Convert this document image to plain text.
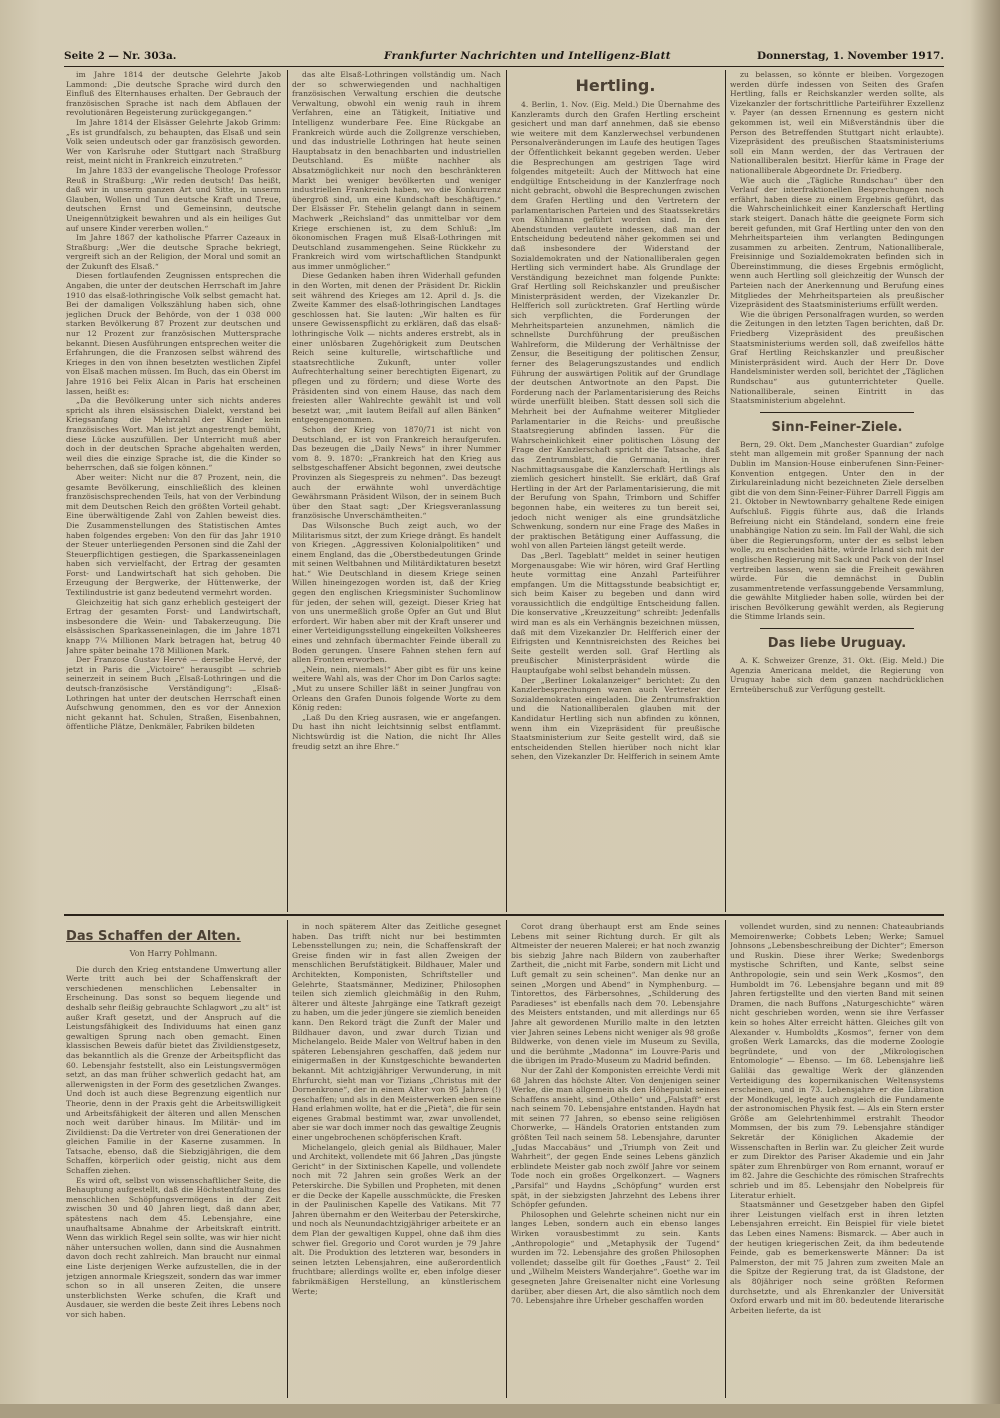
Seite 2 — Nr. 303a.	Frankfurter Nachrichten und Intelligenz-Blatt	Donnerstag, 1. November 1917.

im Jahre 1814 der deutsche Gelehrte Jakob Lammond: „Die deutsche Sprache wird durch den Einfluß des Elternhauses erhalten. Der Gebrauch der französischen Sprache ist nach dem Abflauen der revolutionären Begeisterung zurückgegangen.“

Im Jahre 1814 der Elsässer Gelehrte Jakob Grimm: „Es ist grundfalsch, zu behaupten, das Elsaß und sein Volk seien undeutsch oder gar französisch geworden. Wer von Karlsruhe oder Stuttgart nach Straßburg reist, meint nicht in Frankreich einzutreten.“

Im Jahre 1833 der evangelische Theologe Professor Reuß in Straßburg: „Wir reden deutsch! Das heißt, daß wir in unserm ganzen Art und Sitte, in unserm Glauben, Wollen und Tun deutsche Kraft und Treue, deutschen Ernst und Gemeinsinn, deutsche Uneigennützigkeit bewahren und als ein heiliges Gut auf unsere Kinder vererben wollen.“

Im Jahre 1867 der katholische Pfarrer Cazeaux in Straßburg: „Wer die deutsche Sprache bekriegt, vergreift sich an der Religion, der Moral und somit an der Zukunft des Elsaß.“

Diesen fortlaufenden Zeugnissen entsprechen die Angaben, die unter der deutschen Herrschaft im Jahre 1910 das elsaß-lothringische Volk selbst gemacht hat. Bei der damaligen Volkszählung haben sich, ohne jeglichen Druck der Behörde, von der 1 038 000 starken Bevölkerung 87 Prozent zur deutschen und nur 12 Prozent zur französischen Muttersprache bekannt. Diesen Ausführungen entsprechen weiter die Erfahrungen, die die Franzosen selbst während des Krieges in den von ihnen besetzten westlichen Zipfel von Elsaß machen müssen. Im Buch, das ein Oberst im Jahre 1916 bei Felix Alcan in Paris hat erscheinen lassen, heißt es:

„Da die Bevölkerung unter sich nichts anderes spricht als ihren elsässischen Dialekt, verstand bei Kriegsanfang die Mehrzahl der Kinder kein französisches Wort. Man ist jetzt angestrengt bemüht, diese Lücke auszufüllen. Der Unterricht muß aber doch in der deutschen Sprache abgehalten werden, weil dies die einzige Sprache ist, die die Kinder so beherrschen, daß sie folgen können.“

Aber weiter: Nicht nur die 87 Prozent, nein, die gesamte Bevölkerung, einschließlich des kleinen französischsprechenden Teils, hat von der Verbindung mit dem Deutschen Reich den größten Vorteil gehabt. Eine überwältigende Zahl von Zahlen beweist dies. Die Zusammenstellungen des Statistischen Amtes haben folgendes ergeben: Von den für das Jahr 1910 der Steuer unterliegenden Personen sind die Zahl der Steuerpflichtigen gestiegen, die Sparkasseneinlagen haben sich vervielfacht, der Ertrag der gesamten Forst- und Landwirtschaft hat sich gehoben. Die Erzeugung der Bergwerke, der Hüttenwerke, der Textilindustrie ist ganz bedeutend vermehrt worden.

Gleichzeitig hat sich ganz erheblich gesteigert der Ertrag der gesamten Forst- und Landwirtschaft, insbesondere die Wein- und Tabakerzeugung. Die elsässischen Sparkasseneinlagen, die im Jahre 1871 knapp 7¼ Millionen Mark betragen hat, betrug 40 Jahre später beinahe 178 Millionen Mark.

Der Franzose Gustav Hervé — derselbe Hervé, der jetzt in Paris die „Victoire“ herausgibt — schrieb seinerzeit in seinem Buch „Elsaß-Lothringen und die deutsch-französische Verständigung“: „Elsaß-Lothringen hat unter der deutschen Herrschaft einen Aufschwung genommen, den es vor der Annexion nicht gekannt hat. Schulen, Straßen, Eisenbahnen, öffentliche Plätze, Denkmäler, Fabriken bildeten

das alte Elsaß-Lothringen vollständig um. Nach der so schwerwiegenden und nachhaltigen französischen Verwaltung erschien die deutsche Verwaltung, obwohl ein wenig rauh in ihrem Verfahren, eine an Tätigkeit, Initiative und Intelligenz wunderbare Fee. Eine Rückgabe an Frankreich würde auch die Zollgrenze verschieben, und das industrielle Lothringen hat heute seinen Hauptabsatz in den benachbarten und industriellen Deutschland. Es müßte nachher als Absatzmöglichkeit nur noch den beschränkteren Markt bei weniger bevölkerten und weniger industriellen Frankreich haben, wo die Konkurrenz übergroß sind, um eine Kundschaft beschäftigen.“ Der Elsässer Fr. Stehelin gelangt dann in seinem Machwerk „Reichsland“ das unmittelbar vor dem Kriege erschienen ist, zu dem Schluß: „Im ökonomischen Fragen muß Elsaß-Lothringen mit Deutschland zusammengehen. Seine Rückkehr zu Frankreich wird vom wirtschaftlichen Standpunkt aus immer unmöglicher.“

Diese Gedanken haben ihren Widerhall gefunden in den Worten, mit denen der Präsident Dr. Ricklin seit während des Krieges am 12. April d. Js. die Zweite Kammer des elsaß-lothringischen Landtages geschlossen hat. Sie lauten: „Wir halten es für unsere Gewissenspflicht zu erklären, daß das elsaß-lothringische Volk — nichts anderes erstrebt, als in einer unlösbaren Zugehörigkeit zum Deutschen Reich seine kulturelle, wirtschaftliche und staatsrechtliche Zukunft, unter voller Aufrechterhaltung seiner berechtigten Eigenart, zu pflegen und zu fördern; und diese Worte des Präsidenten sind von einem Hause, das nach dem freiesten aller Wahlrechte gewählt ist und voll besetzt war, „mit lautem Beifall auf allen Bänken“ entgegengenommen.

Schon der Krieg von 1870/71 ist nicht von Deutschland, er ist von Frankreich heraufgerufen. Das bezeugen die „Daily News“ in ihrer Nummer vom 8. 9. 1870: „Frankreich hat den Krieg aus selbstgeschaffener Absicht begonnen, zwei deutsche Provinzen als Siegespreis zu nehmen“. Das bezeugt auch der erwähnte wohl unverdächtige Gewährsmann Präsident Wilson, der in seinem Buch über den Staat sagt: „Der Kriegsveranlassung französische Unverschämtheiten.“

Das Wilsonsche Buch zeigt auch, wo der Militarismus sitzt, der zum Kriege drängt. Es handelt von Kriegen. „Aggressiven Kolonialpolitiken“ und einem England, das die „Oberstbedeutungen Grinde mit seinen Weltbahnen und Militärdiktaturen besetzt hat.“ Wie Deutschland in diesem Kriege seinen Willen hineingezogen worden ist, daß der Krieg gegen den englischen Kriegsminister Suchomlinow für jeden, der sehen will, gezeigt. Dieser Krieg hat von uns unermeßlich große Opfer an Gut und Blut erfordert. Wir haben aber mit der Kraft unserer und einer Verteidigungsstellung eingekeilten Volksheeres eines und zehnfach übermachter Feinde überall zu Boden gerungen. Unsere Fahnen stehen fern auf allen Fronten erworben.

„Nein, nein, niemals!“ Aber gibt es für uns keine weitere Wahl als, was der Chor im Don Carlos sagte: „Mut zu unsere Schiller läßt in seiner Jungfrau von Orleans den Grafen Dunois folgende Worte zu dem König reden:

„Laß Du den Krieg ausrasen, wie er angefangen. Du hast ihn nicht leichtsinnig selbst entflammt. Nichtswürdig ist die Nation, die nicht Ihr Alles freudig setzt an ihre Ehre.“

Hertling.

4. Berlin, 1. Nov. (Eig. Meld.) Die Übernahme des Kanzleramts durch den Grafen Hertling erscheint gesichert und man darf annehmen, daß sie ebenso wie weitere mit dem Kanzlerwechsel verbundenen Personalveränderungen im Laufe des heutigen Tages der Öffentlichkeit bekannt gegeben werden. Ueber die Besprechungen am gestrigen Tage wird folgendes mitgeteilt: Auch der Mittwoch hat eine endgültige Entscheidung in der Kanzlerfrage noch nicht gebracht, obwohl die Besprechungen zwischen dem Grafen Hertling und den Vertretern der parlamentarischen Parteien und des Staatssekretärs von Kühlmann geführt worden sind. In den Abendstunden verlautete indessen, daß man der Entscheidung bedeutend näher gekommen sei und daß insbesondere der Widerstand der Sozialdemokraten und der Nationalliberalen gegen Hertling sich vermindert habe. Als Grundlage der Verständigung bezeichnet man folgende Punkte: Graf Hertling soll Reichskanzler und preußischer Ministerpräsident werden, der Vizekanzler Dr. Helfferich soll zurücktreten. Graf Hertling würde sich verpflichten, die Forderungen der Mehrheitsparteien anzunehmen, nämlich die schnellste Durchführung der preußischen Wahlreform, die Milderung der Verhältnisse der Zensur, die Beseitigung der politischen Zensur, ferner des Belagerungszustandes und endlich Führung der auswärtigen Politik auf der Grundlage der deutschen Antwortnote an den Papst. Die Forderung nach der Parlamentarisierung des Reichs würde unerfüllt bleiben. Statt dessen soll sich die Mehrheit bei der Aufnahme weiterer Mitglieder Parlamentarier in die Reichs- und preußische Staatsregierung abfinden lassen. Für die Wahrscheinlichkeit einer politischen Lösung der Frage der Kanzlerschaft spricht die Tatsache, daß das Zentrumsblatt, die Germania, in ihrer Nachmittagsausgabe die Kanzlerschaft Hertlings als ziemlich gesichert hinstellt. Sie erklärt, daß Graf Hertling in der Art der Parlamentarisierung, die mit der Berufung von Spahn, Trimborn und Schiffer begonnen habe, ein weiteres zu tun bereit sei, jedoch nicht weniger als eine grundsätzliche Schwenkung, sondern nur eine Frage des Maßes in der praktischen Betätigung einer Auffassung, die wohl von allen Parteien längst geteilt werde.

Das „Berl. Tageblatt“ meldet in seiner heutigen Morgenausgabe: Wie wir hören, wird Graf Hertling heute vormittag eine Anzahl Parteiführer empfangen. Um die Mittagsstunde beabsichtigt er, sich beim Kaiser zu begeben und dann wird voraussichtlich die endgültige Entscheidung fallen. Die konservative „Kreuzzeitung“ schreibt: Jedenfalls wird man es als ein Verhängnis bezeichnen müssen, daß mit dem Vizekanzler Dr. Helfferich einer der Eifrigsten und Kenntnisreichsten des Reiches bei Seite gestellt werden soll. Graf Hertling als preußischer Ministerpräsident würde die Hauptaufgabe wohl selbst behandeln müssen.

Der „Berliner Lokalanzeiger“ berichtet: Zu den Kanzlerbesprechungen waren auch Vertreter der Sozialdemokraten eingeladen. Die Zentrumsfraktion und die Nationalliberalen glauben mit der Kandidatur Hertling sich nun abfinden zu können, wenn ihm ein Vizepräsident für preußische Staatsministerium zur Seite gestellt wird, daß sie entscheidenden Stellen hierüber noch nicht klar sehen, den Vizekanzler Dr. Helfferich in seinem Amte

zu belassen, so könnte er bleiben. Vorgezogen werden dürfe indessen von Seiten des Grafen Hertling, falls er Reichskanzler werden sollte, als Vizekanzler der fortschrittliche Parteiführer Exzellenz v. Payer (an dessen Ernennung es gestern nicht gekommen ist, weil ein Mißverständnis über die Person des Betreffenden Stuttgart nicht erlaubte). Vizepräsident des preußischen Staatsministeriums soll ein Mann werden, der das Vertrauen der Nationalliberalen besitzt. Hierfür käme in Frage der nationalliberale Abgeordnete Dr. Friedberg.

Wie auch die „Tägliche Rundschau“ über den Verlauf der interfraktionellen Besprechungen noch erfährt, haben diese zu einem Ergebnis geführt, das die Wahrscheinlichkeit einer Kanzlerschaft Hertling stark steigert. Danach hätte die geeignete Form sich bereit gefunden, mit Graf Hertling unter den von den Mehrheitsparteien ihm verlangten Bedingungen zusammen zu arbeiten. Zentrum, Nationalliberale, Freisinnige und Sozialdemokraten befinden sich in Übereinstimmung, die dieses Ergebnis ermöglicht, wenn auch Hertling soll gleichzeitig der Wunsch der Parteien nach der Anerkennung und Berufung eines Mitgliedes der Mehrheitsparteien als preußischer Vizepräsident des Staatsministeriums erfüllt werden.

Wie die übrigen Personalfragen wurden, so werden die Zeitungen in den letzten Tagen berichten, daß Dr. Friedberg Vizepräsident des preußischen Staatsministeriums werden soll, daß zweifellos hätte Graf Hertling Reichskanzler und preußischer Ministerpräsident wird. Auch der Herr Dr. Dove Handelsminister werden soll, berichtet der „Täglichen Rundschau“ aus gutunterrichteter Quelle. Nationalliberale, seinen Eintritt in das Staatsministerium abgelehnt.

Sinn-Feiner-Ziele.

Bern, 29. Okt. Dem „Manchester Guardian“ zufolge steht man allgemein mit großer Spannung der nach Dublin im Mansion-House einberufenen Sinn-Feiner-Konvention entgegen. Unter den in der Zirkulareinladung nicht bezeichneten Ziele derselben gibt die von dem Sinn-Feiner-Führer Darrell Figgis am 21. Oktober in Newtownbarry gehaltene Rede einigen Aufschluß. Figgis führte aus, daß die Irlands Befreiung nicht ein Ständeland, sondern eine freie unabhängige Nation zu sein. Im Fall der Wahl, die sich über die Regierungsform, unter der es selbst leben wolle, zu entscheiden hätte, würde Irland sich mit der englischen Regierung mit Sack und Pack von der Insel vertreiben lassen, wenn sie die Freiheit gewähren würde. Für die demnächst in Dublin zusammentretende verfassunggebende Versammlung, die gewählte Mitglieder haben solle, würden bei der irischen Bevölkerung gewählt werden, als Regierung die Stimme Irlands sein.

Das liebe Uruguay.

A. K. Schweizer Grenze, 31. Okt. (Eig. Meld.) Die Agenzia Americana meldet, die Regierung von Uruguay habe sich dem ganzen nachdrücklichen Ernteüberschuß zur Verfügung gestellt.

Das Schaffen der Alten.
Von Harry Pohlmann.

Die durch den Krieg entstandene Umwertung aller Werte tritt auch bei der Schaffenskraft der verschiedenen menschlichen Lebensalter in Erscheinung. Das sonst so bequem liegende und deshalb sehr fleißig gebrauchte Schlagwort „zu alt“ ist außer Kraft gesetzt, und der Anspruch auf die Leistungsfähigkeit des Individuums hat einen ganz gewaltigen Sprung nach oben gemacht. Einen klassischen Beweis dafür bietet das Zivildienstgesetz, das bekanntlich als die Grenze der Arbeitspflicht das 60. Lebensjahr feststellt, also ein Leistungsvermögen setzt, an das man früher schwerlich gedacht hat, am allerwenigsten in der Form des gesetzlichen Zwanges. Und doch ist auch diese Begrenzung eigentlich nur Theorie, denn in der Praxis geht die Arbeitswilligkeit und Arbeitsfähigkeit der älteren und allen Menschen noch weit darüber hinaus. Im Militär- und im Zivildienst: Da die Vertreter von drei Generationen der gleichen Familie in der Kaserne zusammen. In Tatsache, ebenso, daß die Siebzigjährigen, die dem Schaffen, körperlich oder geistig, nicht aus dem Schaffen ziehen.

Es wird oft, selbst von wissenschaftlicher Seite, die Behauptung aufgestellt, daß die Höchstentfaltung des menschlichen Schöpfungsvermögens in der Zeit zwischen 30 und 40 Jahren liegt, daß dann aber, spätestens nach dem 45. Lebensjahre, eine unaufhaltsame Abnahme der Arbeitskraft eintritt. Wenn das wirklich Regel sein sollte, was wir hier nicht näher untersuchen wollen, dann sind die Ausnahmen davon doch recht zahlreich. Man braucht nur einmal eine Liste derjenigen Werke aufzustellen, die in der jetzigen annormale Kriegszeit, sondern das war immer schon so in all unseren Zeiten, die unsere unsterblichsten Werke schufen, die Kraft und Ausdauer, sie werden die beste Zeit ihres Lebens noch vor sich haben.

in noch späterem Alter das Zeitliche gesegnet haben. Das trifft nicht nur bei bestimmten Lebensstellungen zu; nein, die Schaffenskraft der Greise finden wir in fast allen Zweigen der menschlichen Berufstätigkeit. Bildhauer, Maler und Architekten, Komponisten, Schriftsteller und Gelehrte, Staatsmänner, Mediziner, Philosophen teilen sich ziemlich gleichmäßig in den Ruhm, älterer und älteste Jahrgänge eine Tatkraft gezeigt zu haben, um die jeder jüngere sie ziemlich beneiden kann. Den Rekord trägt die Zunft der Maler und Bildhauer davon, und zwar durch Tizian und Michelangelo. Beide Maler von Weltruf haben in den späteren Lebensjahren geschaffen, daß jedem nur einigermaßen in der Kunstgeschichte bewanderten bekannt. Mit achtzigjähriger Verwunderung, in mit Ehrfurcht, sieht man vor Tizians „Christus mit der Dornenkrone“, der in einem Alter von 95 Jahren (!) geschaffen; und als in den Meisterwerken eben seine Hand erlahmen wollte, hat er die „Pietà“, die für sein eigenes Grabmal bestimmt war, zwar unvollendet, aber sie war doch immer noch das gewaltige Zeugnis einer ungebrochenen schöpferischen Kraft.

Michelangelo, gleich genial als Bildhauer, Maler und Architekt, vollendete mit 66 Jahren „Das jüngste Gericht“ in der Sixtinischen Kapelle, und vollendete noch mit 72 Jahren sein großes Werk an der Peterskirche. Die Sybillen und Propheten, mit denen er die Decke der Kapelle ausschmückte, die Fresken in der Paulinischen Kapelle des Vatikans. Mit 77 Jahren übernahm er den Weiterbau der Peterskirche, und noch als Neunundachtzigjähriger arbeitete er an dem Plan der gewaltigen Kuppel, ohne daß ihm dies schwer fiel. Gregorio und Corot wurden je 79 Jahre alt. Die Produktion des letzteren war, besonders in seinen letzten Lebensjahren, eine außerordentlich fruchtbare; allerdings wollte er, eben infolge dieser fabrikmäßigen Herstellung, an künstlerischem Werte;

Corot drang überhaupt erst am Ende seines Lebens mit seiner Richtung durch. Er gilt als Altmeister der neueren Malerei; er hat noch zwanzig bis siebzig Jahre nach Bildern von zauberhafter Zartheit, die „nicht mit Farbe, sondern mit Licht und Luft gemalt zu sein scheinen“. Man denke nur an seinen „Morgen und Abend“ in Nymphenburg. — Tintorettos, des Färbersohnes, „Schilderung des Paradieses“ ist ebenfalls nach dem 70. Lebensjahre des Meisters entstanden, und mit allerdings nur 65 Jahre alt gewordenen Murillo malte in den letzten vier Jahren seines Lebens nicht weniger als 98 große Bildwerke, von denen viele im Museum zu Sevilla, und die berühmte „Madonna“ im Louvre-Paris und die übrigen im Prado-Museum zu Madrid befinden.

Nur der Zahl der Komponisten erreichte Verdi mit 68 Jahren das höchste Alter. Von denjenigen seiner Werke, die man allgemein als den Höhepunkt seines Schaffens ansieht, sind „Othello“ und „Falstaff“ erst nach seinem 70. Lebensjahre entstanden. Haydn hat mit seinen 77 Jahren, so ebenso seine religiösen Chorwerke, — Händels Oratorien entstanden zum größten Teil nach seinem 58. Lebensjahre, darunter „Judas Maccabäus“ und „Triumph von Zeit und Wahrheit“, der gegen Ende seines Lebens gänzlich erblindete Meister gab noch zwölf Jahre vor seinem Tode noch ein großes Orgelkonzert. — Wagners „Parsifal“ und Haydns „Schöpfung“ wurden erst spät, in der siebzigsten Jahrzehnt des Lebens ihrer Schöpfer gefunden.

Philosophen und Gelehrte scheinen nicht nur ein langes Leben, sondern auch ein ebenso langes Wirken vorausbestimmt zu sein. Kants „Anthropologie“ und „Metaphysik der Tugend“ wurden im 72. Lebensjahre des großen Philosophen vollendet; dasselbe gilt für Goethes „Faust“ 2. Teil und „Wilhelm Meisters Wanderjahre“. Goethe war im gesegneten Jahre Greisenalter nicht eine Vorlesung darüber, aber diesen Art, die also sämtlich noch dem 70. Lebensjahre ihre Urheber geschaffen worden

vollendet wurden, sind zu nennen: Chateaubriands Memoirenwerke; Cobbets Leben; Werke; Samuel Johnsons „Lebensbeschreibung der Dichter“; Emerson und Ruskin. Diese ihrer Werke; Swedenborgs mystische Schriften, und Kante, selbst seine Anthropologie, sein und sein Werk „Kosmos“, den Humboldt im 76. Lebensjahre begann und mit 89 Jahren fertigstellte und den vierten Band mit seinen Dramen, die nach Buffons „Naturgeschichte“ wären nicht geschrieben worden, wenn sie ihre Verfasser kein so hohes Alter erreicht hätten. Gleiches gilt von Alexander v. Humboldts „Kosmos“, ferner von dem großen Werk Lamarcks, das die moderne Zoologie begründete, und von der „Mikrologischen Entomologie“ — Ebenso. — Im 68. Lebensjahre ließ Galiläi das gewaltige Werk der glänzenden Verteidigung des kopernikanischen Weltensystems erscheinen, und in 73. Lebensjahre er die Libration der Mondkugel, legte auch zugleich die Fundamente der astronomischen Physik fest. — Als ein Stern erster Größe am Gelehrtenhimmel erstrahlt Theodor Mommsen, der bis zum 79. Lebensjahre ständiger Sekretär der Königlichen Akademie der Wissenschaften in Berlin war. Zu gleicher Zeit wurde er zum Direktor des Pariser Akademie und ein Jahr später zum Ehrenbürger von Rom ernannt, worauf er im 82. Jahre die Geschichte des römischen Strafrechts schrieb und im 85. Lebensjahr den Nobelpreis für Literatur erhielt.

Staatsmänner und Gesetzgeber haben den Gipfel ihrer Leistungen vielfach erst in ihren letzten Lebensjahren erreicht. Ein Beispiel für viele bietet das Leben eines Namens: Bismarck. — Aber auch in der heutigen kriegerischen Zeit, da ihm bedeutende Feinde, gab es bemerkenswerte Männer: Da ist Palmerston, der mit 75 Jahren zum zweiten Male an die Spitze der Regierung trat, da ist Gladstone, der als 80jähriger noch seine größten Reformen durchsetzte, und als Ehrenkanzler der Universität Oxford erwarb und mit im 80. bedeutende literarische Arbeiten lieferte, da ist
